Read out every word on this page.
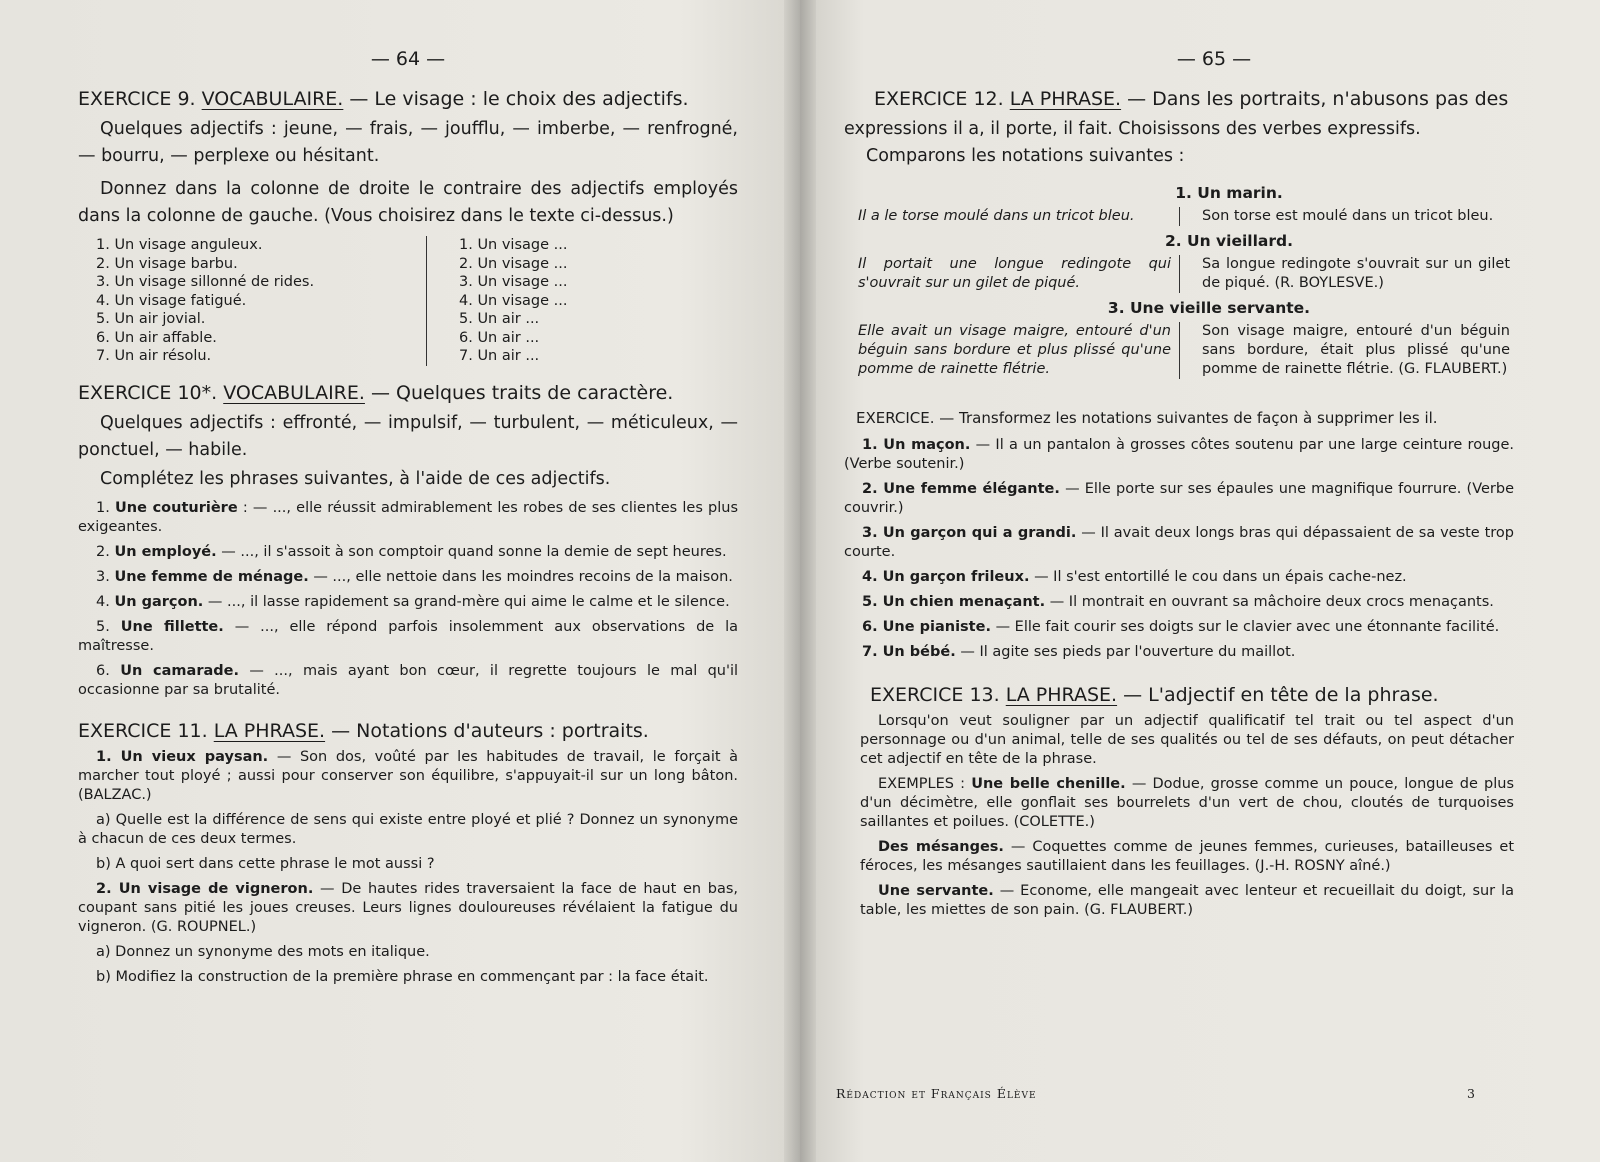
— 64 —
EXERCICE 9. VOCABULAIRE. — Le visage : le choix des adjectifs.

Quelques adjectifs : jeune, — frais, — joufflu, — imberbe, — renfrogné, — bourru, — perplexe ou hésitant.

Donnez dans la colonne de droite le contraire des adjectifs employés dans la colonne de gauche. (Vous choisirez dans le texte ci-dessus.)

1. Un visage anguleux.
2. Un visage barbu.
3. Un visage sillonné de rides.
4. Un visage fatigué.
5. Un air jovial.
6. Un air affable.
7. Un air résolu.
1. Un visage ...
2. Un visage ...
3. Un visage ...
4. Un visage ...
5. Un air ...
6. Un air ...
7. Un air ...
EXERCICE 10*. VOCABULAIRE. — Quelques traits de caractère.

Quelques adjectifs : effronté, — impulsif, — turbulent, — méticuleux, — ponctuel, — habile.

Complétez les phrases suivantes, à l'aide de ces adjectifs.

1. Une couturière : — ..., elle réussit admirablement les robes de ses clientes les plus exigeantes.

2. Un employé. — ..., il s'assoit à son comptoir quand sonne la demie de sept heures.

3. Une femme de ménage. — ..., elle nettoie dans les moindres recoins de la maison.

4. Un garçon. — ..., il lasse rapidement sa grand-mère qui aime le calme et le silence.

5. Une fillette. — ..., elle répond parfois insolemment aux observations de la maîtresse.

6. Un camarade. — ..., mais ayant bon cœur, il regrette toujours le mal qu'il occasionne par sa brutalité.

EXERCICE 11. LA PHRASE. — Notations d'auteurs : portraits.

1. Un vieux paysan. — Son dos, voûté par les habitudes de travail, le forçait à marcher tout ployé ; aussi pour conserver son équilibre, s'appuyait-il sur un long bâton. (BALZAC.)

a) Quelle est la différence de sens qui existe entre ployé et plié ? Donnez un synonyme à chacun de ces deux termes.

b) A quoi sert dans cette phrase le mot aussi ?

2. Un visage de vigneron. — De hautes rides traversaient la face de haut en bas, coupant sans pitié les joues creuses. Leurs lignes douloureuses révélaient la fatigue du vigneron. (G. ROUPNEL.)

a) Donnez un synonyme des mots en italique.

b) Modifiez la construction de la première phrase en commençant par : la face était.

— 65 —
EXERCICE 12. LA PHRASE. — Dans les portraits, n'abusons pas des

expressions il a, il porte, il fait. Choisissons des verbes expressifs.

Comparons les notations suivantes :

1. Un marin.
Il a le torse moulé dans un tricot bleu.	Son torse est moulé dans un tricot bleu.
2. Un vieillard.
Il portait une longue redingote qui s'ouvrait sur un gilet de piqué.
Sa longue redingote s'ouvrait sur un gilet de piqué. (R. BOYLESVE.)
3. Une vieille servante.
Elle avait un visage maigre, entouré d'un béguin sans bordure et plus plissé qu'une pomme de rainette flétrie.
Son visage maigre, entouré d'un béguin sans bordure, était plus plissé qu'une pomme de rainette flétrie. (G. FLAUBERT.)

EXERCICE. — Transformez les notations suivantes de façon à supprimer les il.

1. Un maçon. — Il a un pantalon à grosses côtes soutenu par une large ceinture rouge. (Verbe soutenir.)

2. Une femme élégante. — Elle porte sur ses épaules une magnifique fourrure. (Verbe couvrir.)

3. Un garçon qui a grandi. — Il avait deux longs bras qui dépassaient de sa veste trop courte.

4. Un garçon frileux. — Il s'est entortillé le cou dans un épais cache-nez.

5. Un chien menaçant. — Il montrait en ouvrant sa mâchoire deux crocs menaçants.

6. Une pianiste. — Elle fait courir ses doigts sur le clavier avec une étonnante facilité.

7. Un bébé. — Il agite ses pieds par l'ouverture du maillot.

EXERCICE 13. LA PHRASE. — L'adjectif en tête de la phrase.

Lorsqu'on veut souligner par un adjectif qualificatif tel trait ou tel aspect d'un personnage ou d'un animal, telle de ses qualités ou tel de ses défauts, on peut détacher cet adjectif en tête de la phrase.

EXEMPLES : Une belle chenille. — Dodue, grosse comme un pouce, longue de plus d'un décimètre, elle gonflait ses bourrelets d'un vert de chou, cloutés de turquoises saillantes et poilues. (COLETTE.)

Des mésanges. — Coquettes comme de jeunes femmes, curieuses, batailleuses et féroces, les mésanges sautillaient dans les feuillages. (J.-H. ROSNY aîné.)

Une servante. — Econome, elle mangeait avec lenteur et recueillait du doigt, sur la table, les miettes de son pain. (G. FLAUBERT.)

Rédaction et Français Élève	3
